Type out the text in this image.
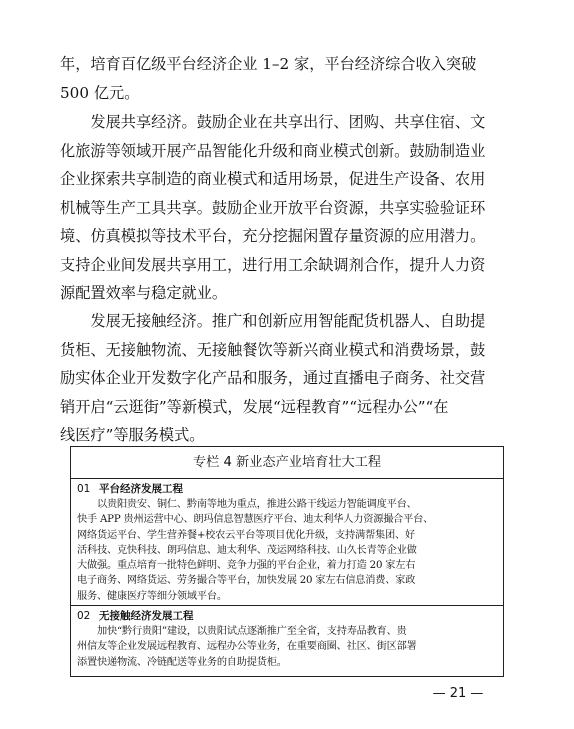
年，培育百亿级平台经济企业 1–2 家，平台经济综合收入突破
500 亿元。
　　发展共享经济。鼓励企业在共享出行、团购、共享住宿、文
化旅游等领域开展产品智能化升级和商业模式创新。鼓励制造业
企业探索共享制造的商业模式和适用场景，促进生产设备、农用
机械等生产工具共享。鼓励企业开放平台资源，共享实验验证环
境、仿真模拟等技术平台，充分挖掘闲置存量资源的应用潜力。
支持企业间发展共享用工，进行用工余缺调剂合作，提升人力资
源配置效率与稳定就业。
　　发展无接触经济。推广和创新应用智能配货机器人、自助提
货柜、无接触物流、无接触餐饮等新兴商业模式和消费场景，鼓
励实体企业开发数字化产品和服务，通过直播电子商务、社交营
销开启“云逛街”等新模式，发展“远程教育”“远程办公”“在
线医疗”等服务模式。
专栏 4 新业态产业培育壮大工程
01 平台经济发展工程
　　以贵阳贵安、铜仁、黔南等地为重点，推进公路干线运力智能调度平台、
快手 APP 贵州运营中心、朗玛信息智慧医疗平台、迪太利华人力资源撮合平台、
网络货运平台、学生营养餐+校农云平台等项目优化升级，支持满帮集团、好
活科技、克快科技、朗玛信息、迪太利华、茂运网络科技、山久长青等企业做
大做强。重点培育一批特色鲜明、竞争力强的平台企业，着力打造 20 家左右
电子商务、网络货运、劳务撮合等平台，加快发展 20 家左右信息消费、家政
服务、健康医疗等细分领域平台。
02 无接触经济发展工程
　　加快“黔行贵阳”建设，以贵阳试点逐渐推广至全省，支持寿品教育、贵
州信友等企业发展远程教育、远程办公等业务，在重要商圈、社区、街区部署
添置快递物流、冷链配送等业务的自助提货柜。
— 21 —
